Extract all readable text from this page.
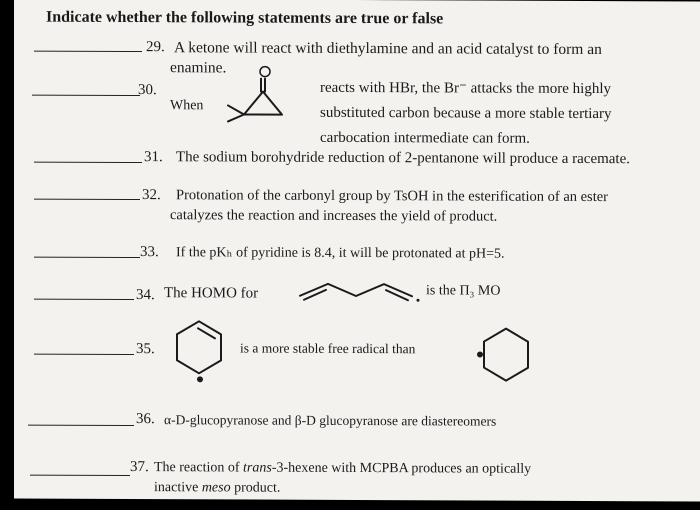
Indicate whether the following statements are true or false
29. A ketone will react with diethylamine and an acid catalyst to form an
enamine.
30.
When
reacts with HBr, the Br⁻ attacks the more highly
substituted carbon because a more stable tertiary
carbocation intermediate can form.
31. The sodium borohydride reduction of 2-pentanone will produce a racemate.
32. Protonation of the carbonyl group by TsOH in the esterification of an ester
catalyzes the reaction and increases the yield of product.
33. If the pKₕ of pyridine is 8.4, it will be protonated at pH=5.
34. The HOMO for	is the Π₃ MO
35.	is a more stable free radical than
36. α-D-glucopyranose and β-D glucopyranose are diastereomers
37. The reaction of trans-3-hexene with MCPBA produces an optically
inactive meso product.
